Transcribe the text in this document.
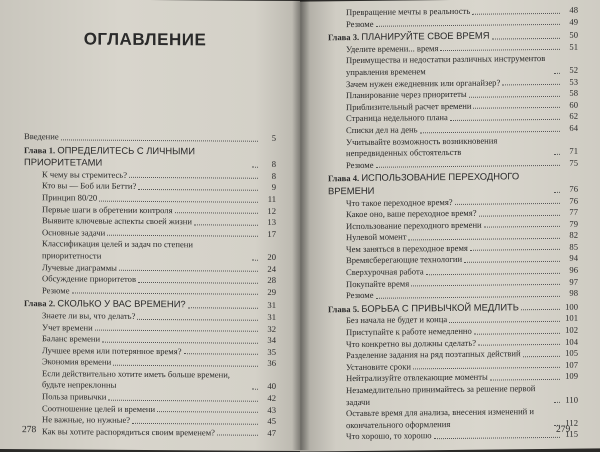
ОГЛАВЛЕНИЕ
Введение	5
Глава 1. ОПРЕДЕЛИТЕСЬ С ЛИЧНЫМИ ПРИОРИТЕТАМИ	8
К чему вы стремитесь?	8
Кто вы — Боб или Бетти?	9
Принцип 80/20	11
Первые шаги в обретении контроля	12
Выявите ключевые аспекты своей жизни	13
Основные задачи	17
Классификация целей и задач по степени приоритетности	20
Лучевые диаграммы	24
Обсуждение приоритетов	28
Резюме	29
Глава 2. СКОЛЬКО У ВАС ВРЕМЕНИ?	31
Знаете ли вы, что делать?	31
Учет времени	32
Баланс времени	34
Лучшее время или потерянное время?	35
Экономия времени	36
Если действительно хотите иметь больше времени, будьте непреклонны	40
Польза привычки	42
Соотношение целей и времени	43
Не важные, но нужные?	45
Как вы хотите распорядиться своим временем?	47
278
Превращение мечты в реальность	48
Резюме	49
Глава 3. ПЛАНИРУЙТЕ СВОЕ ВРЕМЯ	50
Уделите времени... время	51
Преимущества и недостатки различных инструментов управления временем	52
Зачем нужен ежедневник или органайзер?	53
Планирование через приоритеты	58
Приблизительный расчет времени	60
Страница недельного плана	62
Списки дел на день	64
Учитывайте возможность возникновения непредвиденных обстоятельств	71
Резюме	75
Глава 4. ИСПОЛЬЗОВАНИЕ ПЕРЕХОДНОГО ВРЕМЕНИ	76
Что такое переходное время?	76
Какое оно, ваше переходное время?	77
Использование переходного времени	79
Нулевой момент	82
Чем заняться в переходное время	85
Времясберегающие технологии	94
Сверхурочная работа	96
Покупайте время	97
Резюме	98
Глава 5. БОРЬБА С ПРИВЫЧКОЙ МЕДЛИТЬ	100
Без начала не будет и конца	101
Приступайте к работе немедленно	102
Что конкретно вы должны сделать?	104
Разделение задания на ряд поэтапных действий	105
Установите сроки	107
Нейтрализуйте отвлекающие моменты	109
Незамедлительно принимайтесь за решение первой задачи	110
Оставьте время для анализа, внесения изменений и окончательного оформления	112
Что хорошо, то хорошо	115
279
